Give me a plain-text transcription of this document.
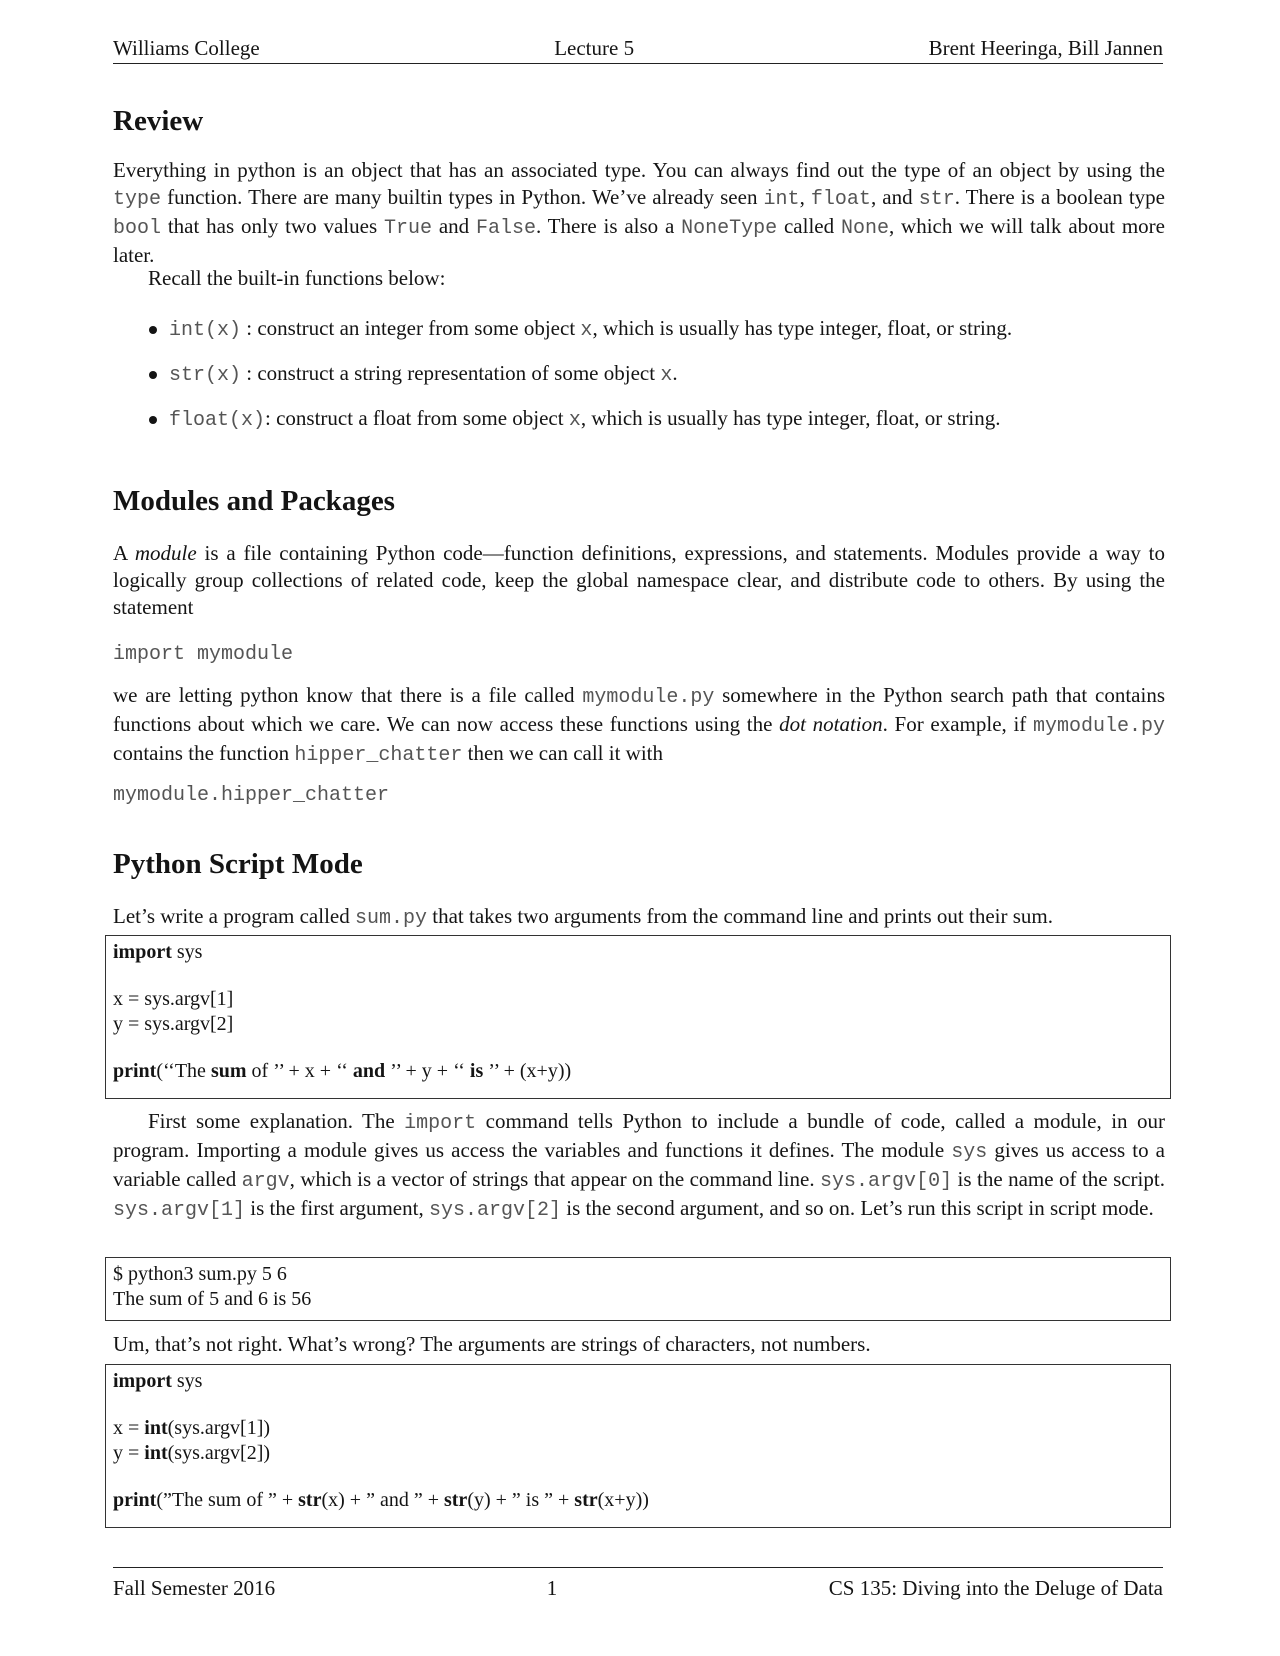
Williams College	Lecture 5	Brent Heeringa, Bill Jannen
Review

Everything in python is an object that has an associated type. You can always find out the type of an object by using the type function. There are many builtin types in Python. We’ve already seen int, float, and str. There is a boolean type bool that has only two values True and False. There is also a NoneType called None, which we will talk about more later.

Recall the built-in functions below:

int(x) : construct an integer from some object x, which is usually has type integer, float, or string.
str(x) : construct a string representation of some object x.
float(x): construct a float from some object x, which is usually has type integer, float, or string.
Modules and Packages

A module is a file containing Python code—function definitions, expressions, and statements. Modules provide a way to logically group collections of related code, keep the global namespace clear, and distribute code to others. By using the statement

import mymodule

we are letting python know that there is a file called mymodule.py somewhere in the Python search path that contains functions about which we care. We can now access these functions using the dot notation. For example, if mymodule.py contains the function hipper_chatter then we can call it with

mymodule.hipper_chatter
Python Script Mode

Let’s write a program called sum.py that takes two arguments from the command line and prints out their sum.

import sys
x = sys.argv[1]
y = sys.argv[2]
print(‘‘The sum of ’’ + x + ‘‘ and ’’ + y + ‘‘ is ’’ + (x+y))

First some explanation. The import command tells Python to include a bundle of code, called a module, in our program. Importing a module gives us access the variables and functions it defines. The module sys gives us access to a variable called argv, which is a vector of strings that appear on the command line. sys.argv[0] is the name of the script. sys.argv[1] is the first argument, sys.argv[2] is the second argument, and so on. Let’s run this script in script mode.

$ python3 sum.py 5 6
The sum of 5 and 6 is 56

Um, that’s not right. What’s wrong? The arguments are strings of characters, not numbers.

import sys
x = int(sys.argv[1])
y = int(sys.argv[2])
print(”The sum of ” + str(x) + ” and ” + str(y) + ” is ” + str(x+y))
Fall Semester 2016	1	CS 135: Diving into the Deluge of Data
